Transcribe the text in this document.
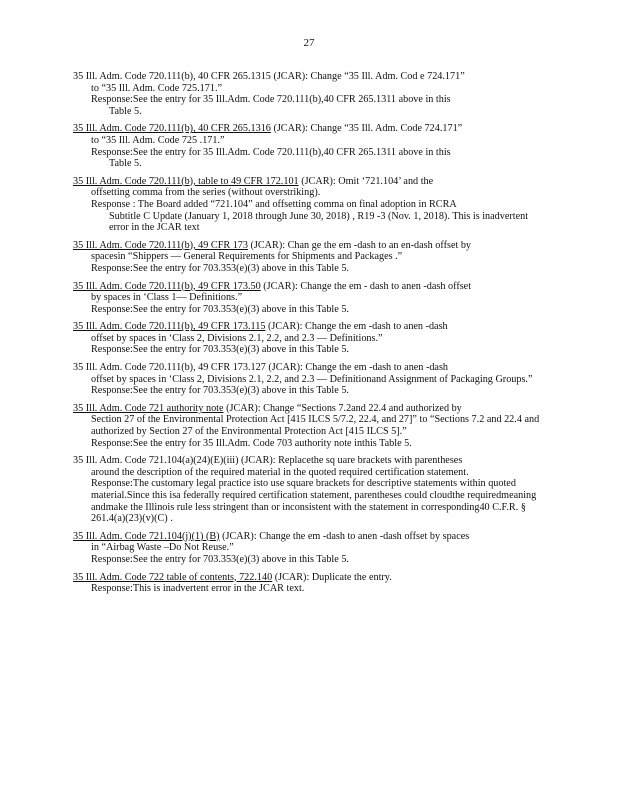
27
35 Ill. Adm. Code 720.111(b), 40 CFR 265.1315 (JCAR): Change “35 Ill. Adm. Cod e 724.171”
to “35 Ill. Adm. Code 725.171.”
Response:See the entry for 35 Ill.Adm. Code 720.111(b),40 CFR 265.1311 above in this
Table 5.
35 Ill. Adm. Code 720.111(b), 40 CFR 265.1316 (JCAR): Change “35 Ill. Adm. Code 724.171”
to “35 Ill. Adm. Code 725 .171.”
Response:See the entry for 35 Ill.Adm. Code 720.111(b),40 CFR 265.1311 above in this
Table 5.
35 Ill. Adm. Code 720.111(b), table to 49 CFR 172.101 (JCAR): Omit ‘721.104’ and the
offsetting comma from the series (without overstriking).
Response : The Board added “721.104” and offsetting comma on final adoption in RCRA
Subtitle C Update (January 1, 2018 through June 30, 2018) , R19 -3 (Nov. 1, 2018). This is inadvertent error in the JCAR text
35 Ill. Adm. Code 720.111(b), 49 CFR 173 (JCAR): Chan ge the em -dash to an en-dash offset by
spacesin “Shippers — General Requirements for Shipments and Packages .”
Response:See the entry for 703.353(e)(3) above in this Table 5.
35 Ill. Adm. Code 720.111(b), 49 CFR 173.50 (JCAR): Change the em - dash to anen -dash offset
by spaces in ‘Class 1— Definitions.”
Response:See the entry for 703.353(e)(3) above in this Table 5.
35 Ill. Adm. Code 720.111(b), 49 CFR 173.115 (JCAR): Change the em -dash to anen -dash
offset by spaces in ‘Class 2, Divisions 2.1, 2.2, and 2.3 — Definitions.”
Response:See the entry for 703.353(e)(3) above in this Table 5.
35 Ill. Adm. Code 720.111(b), 49 CFR 173.127 (JCAR): Change the em -dash to anen -dash
offset by spaces in ‘Class 2, Divisions 2.1, 2.2, and 2.3 — Definitionand Assignment of Packaging Groups.”
Response:See the entry for 703.353(e)(3) above in this Table 5.
35 Ill. Adm. Code 721 authority note (JCAR): Change “Sections 7.2and 22.4 and authorized by
Section 27 of the Environmental Protection Act [415 ILCS 5/7.2, 22.4, and 27]” to “Sections 7.2 and 22.4 and authorized by Section 27 of the Environmental Protection Act [415 ILCS 5].”
Response:See the entry for 35 Ill.Adm. Code 703 authority note inthis Table 5.
35 Ill. Adm. Code 721.104(a)(24)(E)(iii) (JCAR): Replacethe sq uare brackets with parentheses
around the description of the required material in the quoted required certification statement.
Response:The customary legal practice isto use square brackets for descriptive statements within quoted material.Since this isa federally required certification statement, parentheses could cloudthe requiredmeaning andmake the Illinois rule less stringent than or inconsistent with the statement in corresponding40 C.F.R. § 261.4(a)(23)(v)(C) .
35 Ill. Adm. Code 721.104(j)(1) (B) (JCAR): Change the em -dash to anen -dash offset by spaces
in “Airbag Waste –Do Not Reuse.”
Response:See the entry for 703.353(e)(3) above in this Table 5.
35 Ill. Adm. Code 722 table of contents, 722.140 (JCAR): Duplicate the entry.
Response:This is inadvertent error in the JCAR text.
